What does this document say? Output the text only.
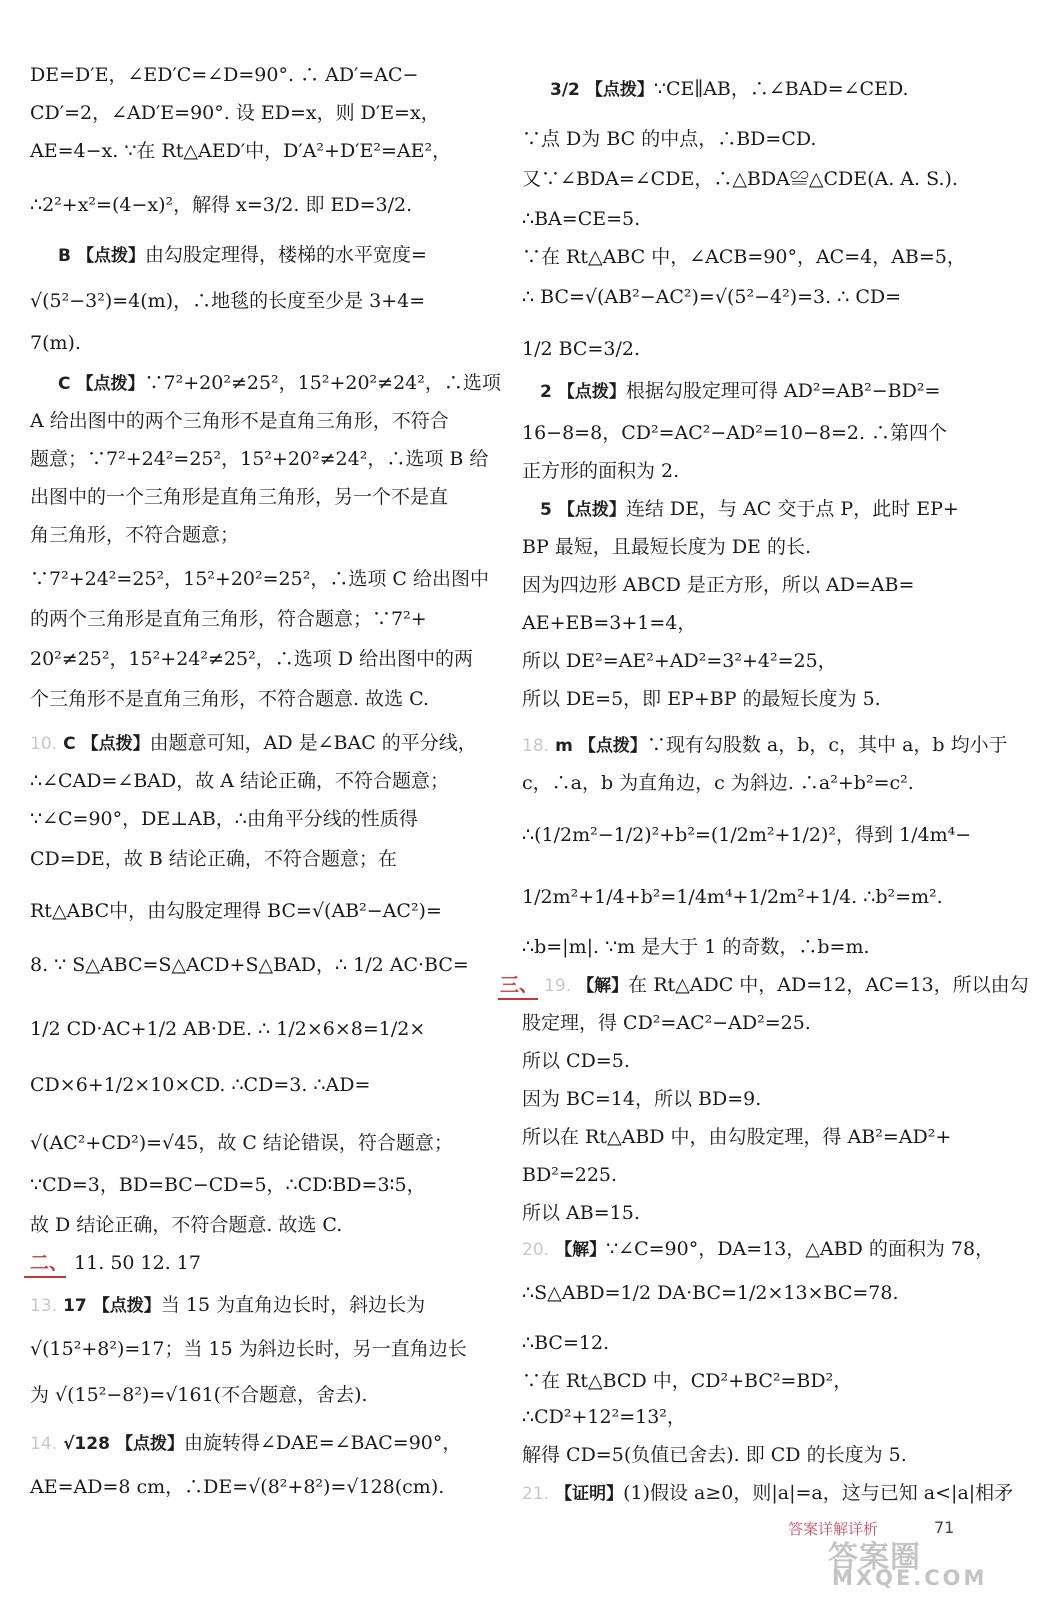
DE=D′E，∠ED′C=∠D=90°. ∴ AD′=AC−
CD′=2，∠AD′E=90°. 设 ED=x，则 D′E=x，
AE=4−x. ∵在 Rt△AED′中，D′A²+D′E²=AE²，
∴2²+x²=(4−x)²，解得 x=3/2. 即 ED=3/2.
B 【点拨】由勾股定理得，楼梯的水平宽度=
√(5²−3²)=4(m)，∴地毯的长度至少是 3+4=
7(m).
C 【点拨】∵7²+20²≠25²，15²+20²≠24²，∴选项
A 给出图中的两个三角形不是直角三角形，不符合
题意；∵7²+24²=25²，15²+20²≠24²，∴选项 B 给
出图中的一个三角形是直角三角形，另一个不是直
角三角形，不符合题意；
∵7²+24²=25²，15²+20²=25²，∴选项 C 给出图中
的两个三角形是直角三角形，符合题意；∵7²+
20²≠25²，15²+24²≠25²，∴选项 D 给出图中的两
个三角形不是直角三角形，不符合题意. 故选 C.
10. C 【点拨】由题意可知，AD 是∠BAC 的平分线，
∴∠CAD=∠BAD，故 A 结论正确，不符合题意；
∵∠C=90°，DE⊥AB，∴由角平分线的性质得
CD=DE，故 B 结论正确，不符合题意；在
Rt△ABC中，由勾股定理得 BC=√(AB²−AC²)=
8. ∵ S△ABC=S△ACD+S△BAD，∴ 1/2 AC·BC=
1/2 CD·AC+1/2 AB·DE. ∴ 1/2×6×8=1/2×
CD×6+1/2×10×CD. ∴CD=3. ∴AD=
√(AC²+CD²)=√45，故 C 结论错误，符合题意；
∵CD=3，BD=BC−CD=5，∴CD∶BD=3∶5，
故 D 结论正确，不符合题意. 故选 C.
二、 11. 50 12. 17
13. 17 【点拨】当 15 为直角边长时，斜边长为
√(15²+8²)=17；当 15 为斜边长时，另一直角边长
为 √(15²−8²)=√161(不合题意，舍去).
14. √128 【点拨】由旋转得∠DAE=∠BAC=90°，
AE=AD=8 cm，∴DE=√(8²+8²)=√128(cm).
3/2 【点拨】∵CE∥AB，∴∠BAD=∠CED.
∵点 D为 BC 的中点，∴BD=CD.
又∵∠BDA=∠CDE，∴△BDA≌△CDE(A. A. S.).
∴BA=CE=5.
∵在 Rt△ABC 中，∠ACB=90°，AC=4，AB=5，
∴ BC=√(AB²−AC²)=√(5²−4²)=3. ∴ CD=
1/2 BC=3/2.
2 【点拨】根据勾股定理可得 AD²=AB²−BD²=
16−8=8，CD²=AC²−AD²=10−8=2. ∴第四个
正方形的面积为 2.
5 【点拨】连结 DE，与 AC 交于点 P，此时 EP+
BP 最短，且最短长度为 DE 的长.
因为四边形 ABCD 是正方形，所以 AD=AB=
AE+EB=3+1=4，
所以 DE²=AE²+AD²=3²+4²=25，
所以 DE=5，即 EP+BP 的最短长度为 5.
18. m 【点拨】∵现有勾股数 a，b，c，其中 a，b 均小于
c，∴a，b 为直角边，c 为斜边. ∴a²+b²=c².
∴(1/2m²−1/2)²+b²=(1/2m²+1/2)²，得到 1/4m⁴−
1/2m²+1/4+b²=1/4m⁴+1/2m²+1/4. ∴b²=m².
∴b=|m|. ∵m 是大于 1 的奇数，∴b=m.
三、 19. 【解】在 Rt△ADC 中，AD=12，AC=13，所以由勾
股定理，得 CD²=AC²−AD²=25.
所以 CD=5.
因为 BC=14，所以 BD=9.
所以在 Rt△ABD 中，由勾股定理，得 AB²=AD²+
BD²=225.
所以 AB=15.
20. 【解】∵∠C=90°，DA=13，△ABD 的面积为 78，
∴S△ABD=1/2 DA·BC=1/2×13×BC=78.
∴BC=12.
∵在 Rt△BCD 中，CD²+BC²=BD²，
∴CD²+12²=13²，
解得 CD=5(负值已舍去). 即 CD 的长度为 5.
21. 【证明】(1)假设 a≥0，则|a|=a，这与已知 a<|a|相矛
答案详解详析	71
答案圈
MXQE.COM
